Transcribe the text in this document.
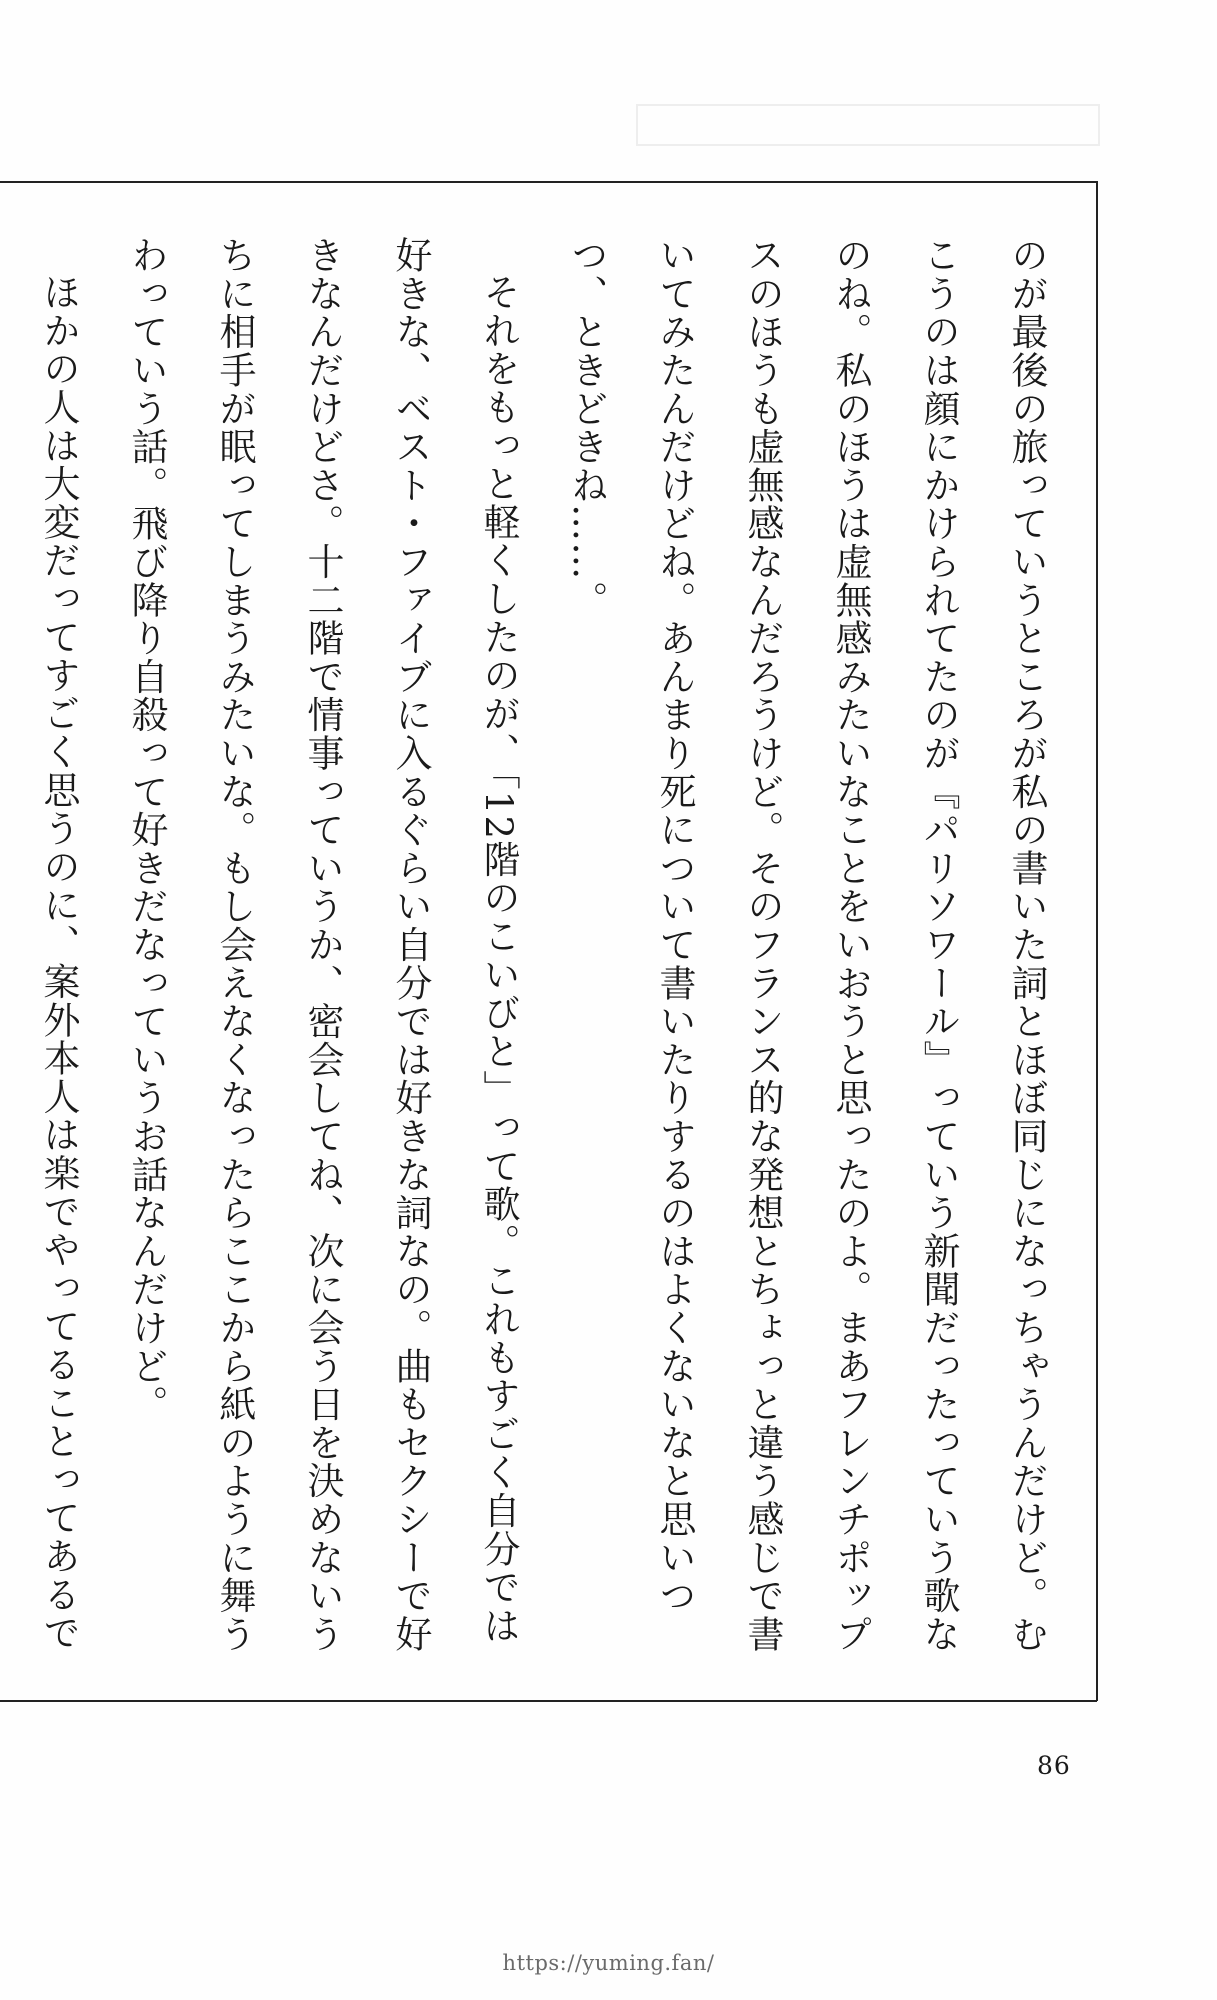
のが最後の旅っていうところが私の書いた詞とほぼ同じになっちゃうんだけど。むこうのは顔にかけられてたのが『パリソワール』っていう新聞だったっていう歌なのね。私のほうは虚無感みたいなことをいおうと思ったのよ。まあフレンチポップスのほうも虚無感なんだろうけど。そのフランス的な発想とちょっと違う感じで書いてみたんだけどね。あんまり死について書いたりするのはよくないなと思いつつ、ときどきね……。

それをもっと軽くしたのが、「12階のこいびと」って歌。これもすごく自分では好きな、ベスト・ファイブに入るぐらい自分では好きな詞なの。曲もセクシーで好きなんだけどさ。十二階で情事っていうか、密会してね、次に会う日を決めないうちに相手が眠ってしまうみたいな。もし会えなくなったらここから紙のように舞うわっていう話。飛び降り自殺って好きだなっていうお話なんだけど。

ほかの人は大変だってすごく思うのに、案外本人は楽でやってることってあるで

86
https://yuming.fan/
